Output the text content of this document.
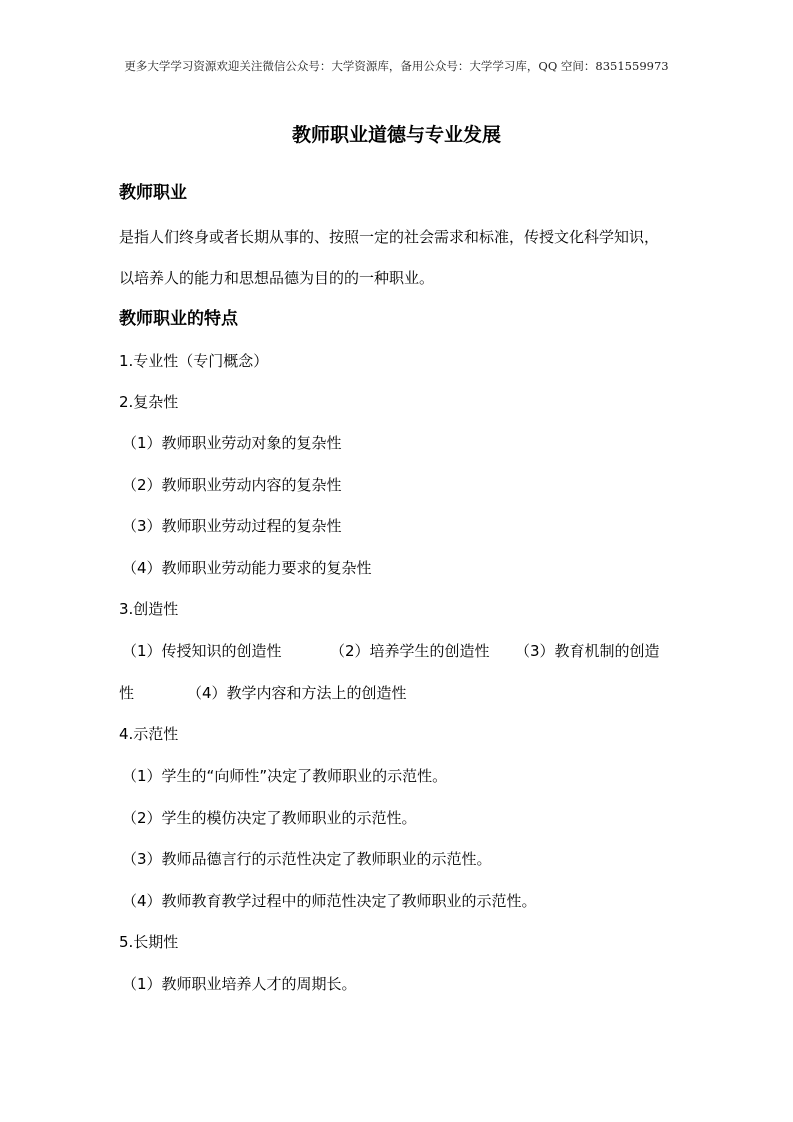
更多大学学习资源欢迎关注微信公众号：大学资源库，备用公众号：大学学习库，QQ 空间：8351559973
教师职业道德与专业发展
教师职业
是指人们终身或者长期从事的、按照一定的社会需求和标准，传授文化科学知识，
以培养人的能力和思想品德为目的的一种职业。
教师职业的特点
1.专业性（专门概念）
2.复杂性
（1）教师职业劳动对象的复杂性
（2）教师职业劳动内容的复杂性
（3）教师职业劳动过程的复杂性
（4）教师职业劳动能力要求的复杂性
3.创造性
（1）传授知识的创造性	（2）培养学生的创造性 （3）教育机制的创造
性	（4）教学内容和方法上的创造性
4.示范性
（1）学生的“向师性”决定了教师职业的示范性。
（2）学生的模仿决定了教师职业的示范性。
（3）教师品德言行的示范性决定了教师职业的示范性。
（4）教师教育教学过程中的师范性决定了教师职业的示范性。
5.长期性
（1）教师职业培养人才的周期长。
